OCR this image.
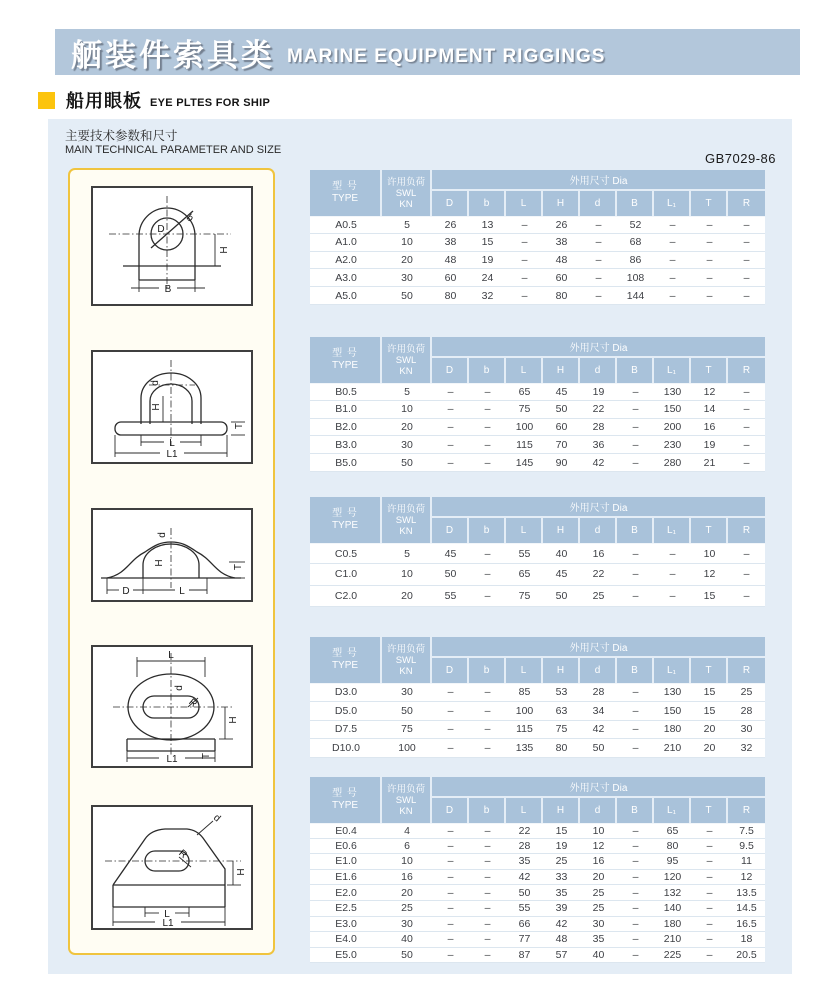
舾装件索具类 MARINE EQUIPMENT RIGGINGS
船用眼板 EYE PLTES FOR SHIP
主要技术参数和尺寸
MAIN TECHNICAL PARAMETER AND SIZE
GB7029-86
D
b
H
B
d
H
L
L1
T
d
H
D	L
T
L
d
R
H
L1 T
d
R
H
L
L1
型 号
TYPE

许用负荷
SWL
KN
	外用尺寸 Dia
		D	b	L	H	d	B	L₁	T	R
A0.5	5	26	13	–	26	–	52	–	–	–
A1.0	10	38	15	–	38	–	68	–	–	–
A2.0	20	48	19	–	48	–	86	–	–	–
A3.0	30	60	24	–	60	–	108	–	–	–
A5.0	50	80	32	–	80	–	144	–	–	–
型 号
TYPE

许用负荷
SWL
KN
	外用尺寸 Dia
		D	b	L	H	d	B	L₁	T	R
B0.5	5	–	–	65	45	19	–	130	12	–
B1.0	10	–	–	75	50	22	–	150	14	–
B2.0	20	–	–	100	60	28	–	200	16	–
B3.0	30	–	–	115	70	36	–	230	19	–
B5.0	50	–	–	145	90	42	–	280	21	–
型 号
TYPE

许用负荷
SWL
KN
	外用尺寸 Dia
		D	b	L	H	d	B	L₁	T	R
C0.5	5	45	–	55	40	16	–	–	10	–
C1.0	10	50	–	65	45	22	–	–	12	–
C2.0	20	55	–	75	50	25	–	–	15	–
型 号
TYPE

许用负荷
SWL
KN
	外用尺寸 Dia
		D	b	L	H	d	B	L₁	T	R
D3.0	30	–	–	85	53	28	–	130	15	25
D5.0	50	–	–	100	63	34	–	150	15	28
D7.5	75	–	–	115	75	42	–	180	20	30
D10.0	100	–	–	135	80	50	–	210	20	32
型 号
TYPE

许用负荷
SWL
KN
	外用尺寸 Dia
		D	b	L	H	d	B	L₁	T	R
E0.4	4	–	–	22	15	10	–	65	–	7.5
E0.6	6	–	–	28	19	12	–	80	–	9.5
E1.0	10	–	–	35	25	16	–	95	–	11
E1.6	16	–	–	42	33	20	–	120	–	12
E2.0	20	–	–	50	35	25	–	132	–	13.5
E2.5	25	–	–	55	39	25	–	140	–	14.5
E3.0	30	–	–	66	42	30	–	180	–	16.5
E4.0	40	–	–	77	48	35	–	210	–	18
E5.0	50	–	–	87	57	40	–	225	–	20.5
